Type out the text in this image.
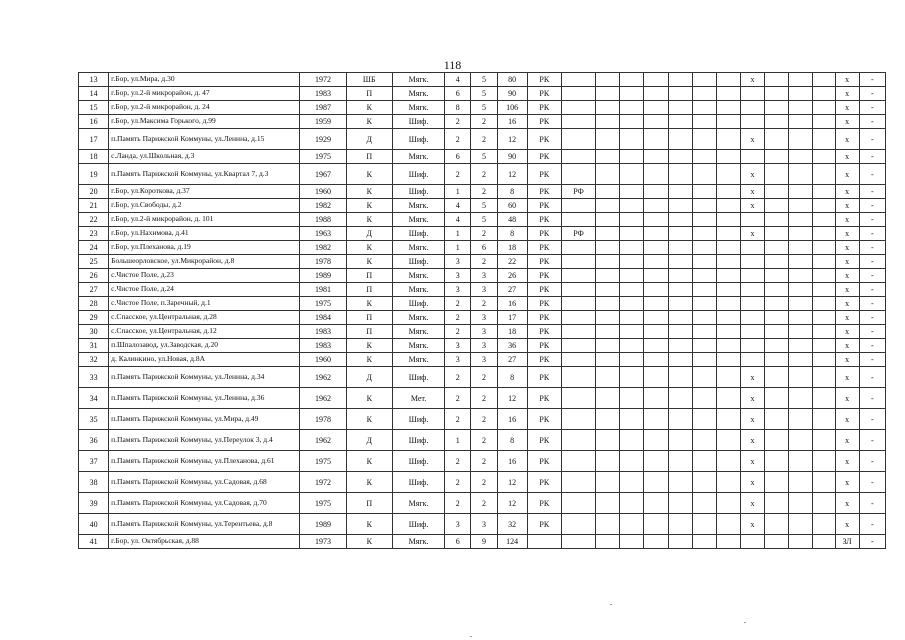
118
13	г.Бор, ул.Мира, д.30	1972	ШБ	Мягк.	4	5	80	РК								х				х	-
14	г.Бор, ул.2-й микрорайон, д. 47	1983	П	Мягк.	6	5	90	РК												х	-
15	г.Бор, ул.2-й микрорайон, д. 24	1987	К	Мягк.	8	5	106	РК												х	-
16	г.Бор, ул.Максима Горького, д.99	1959	К	Шиф.	2	2	16	РК												х	-
17	п.Память Парижской Коммуны, ул.Ленина, д.15	1929	Д	Шиф.	2	2	12	РК								х				х	-
18	с.Ланда, ул.Школьная, д.3	1975	П	Мягк.	6	5	90	РК												х	-
19	п.Память Парижской Коммуны, ул.Квартал 7, д.3	1967	К	Шиф.	2	2	12	РК								х				х	-
20	г.Бор, ул.Короткова, д.37	1960	К	Шиф.	1	2	8	РК	РФ							х				х	-
21	г.Бор, ул.Свободы, д.2	1982	К	Мягк.	4	5	60	РК								х				х	-
22	г.Бор, ул.2-й микрорайон, д. 101	1988	К	Мягк.	4	5	48	РК												х	-
23	г.Бор, ул.Нахимова, д.41	1963	Д	Шиф.	1	2	8	РК	РФ							х				х	-
24	г.Бор, ул.Плеханова, д.19	1982	К	Мягк.	1	6	18	РК												х	-
25	Большеорловское, ул.Микрорайон, д.8	1978	К	Шиф.	3	2	22	РК												х	-
26	с.Чистое Поле, д.23	1989	П	Мягк.	3	3	26	РК												х	-
27	с.Чистое Поле, д.24	1981	П	Мягк.	3	3	27	РК												х	-
28	с.Чистое Поле, п.Заречный, д.1	1975	К	Шиф.	2	2	16	РК												х	-
29	с.Спасское, ул.Центральная, д.28	1984	П	Мягк.	2	3	17	РК												х	-
30	с.Спасское, ул.Центральная, д.12	1983	П	Мягк.	2	3	18	РК												х	-
31	п.Шпалозавод, ул.Заводская, д.20	1983	К	Мягк.	3	3	36	РК												х	-
32	д. Калинкино, ул.Новая, д.8А	1960	К	Мягк.	3	3	27	РК												х	-
33	п.Память Парижской Коммуны, ул.Ленина, д.34	1962	Д	Шиф.	2	2	8	РК								х				х	-
34	п.Память Парижской Коммуны, ул.Ленина, д.36	1962	К	Мет.	2	2	12	РК								х				х	-
35	п.Память Парижской Коммуны, ул.Мира, д.49	1978	К	Шиф.	2	2	16	РК								х				х	-
36	п.Память Парижской Коммуны, ул.Переулок 3, д.4	1962	Д	Шиф.	1	2	8	РК								х				х	-
37	п.Память Парижской Коммуны, ул.Плеханова, д.61	1975	К	Шиф.	2	2	16	РК								х				х	-
38	п.Память Парижской Коммуны, ул.Садовая, д.68	1972	К	Шиф.	2	2	12	РК								х				х	-
39	п.Память Парижской Коммуны, ул.Садовая, д.70	1975	П	Мягк.	2	2	12	РК								х				х	-
40	п.Память Парижской Коммуны, ул.Терентьева, д.8	1989	К	Шиф.	3	3	32	РК								х				х	-
41	г.Бор, ул. Октябрьская, д.88	1973	К	Мягк.	6	9	124													ЗЛ	-
